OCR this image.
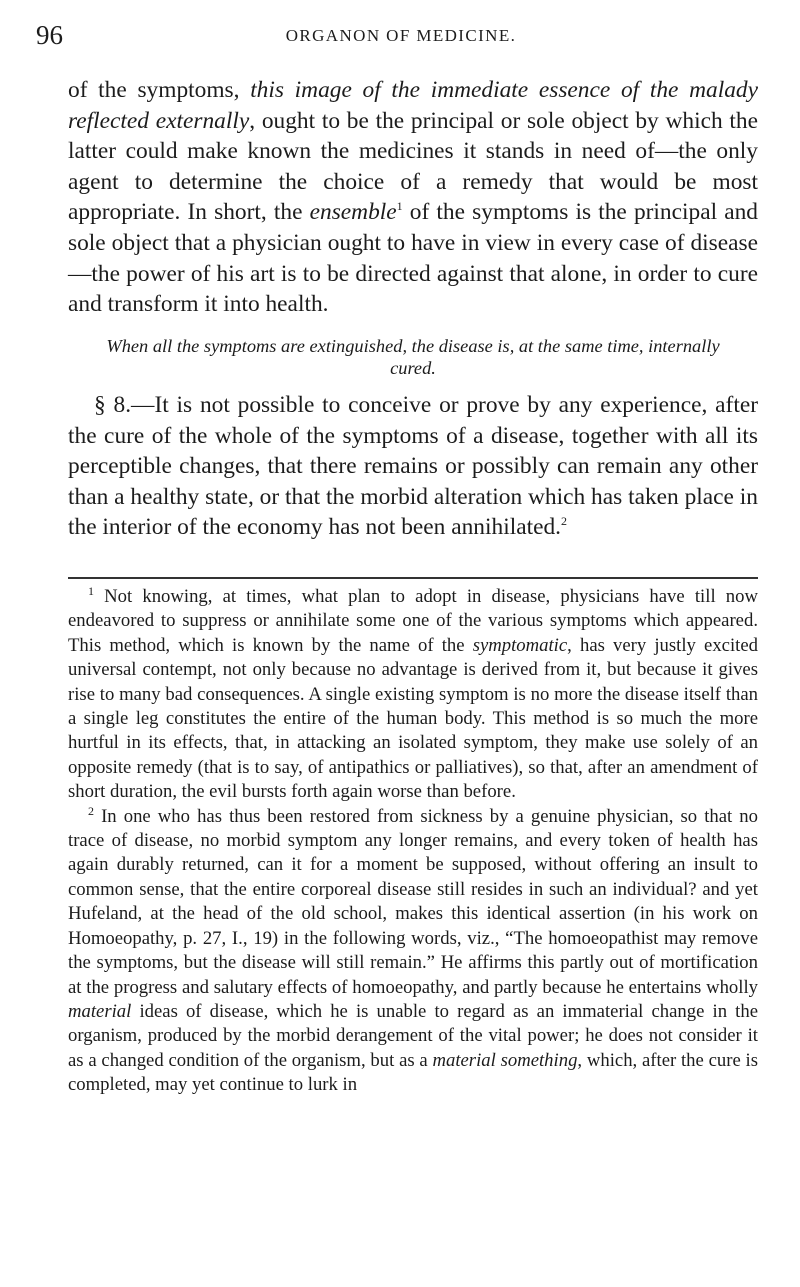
96	ORGANON OF MEDICINE.

of the symptoms, this image of the immediate essence of the malady reflected externally, ought to be the principal or sole object by which the latter could make known the medicines it stands in need of—the only agent to determine the choice of a remedy that would be most appropriate. In short, the ensemble$^1$ of the symptoms is the principal and sole object that a physician ought to have in view in every case of disease—the power of his art is to be directed against that alone, in order to cure and transform it into health.

When all the symptoms are extinguished, the disease is, at the same time, internally cured.

§ 8.—It is not possible to conceive or prove by any experience, after the cure of the whole of the symptoms of a disease, together with all its perceptible changes, that there remains or possibly can remain any other than a healthy state, or that the morbid alteration which has taken place in the interior of the economy has not been annihilated.$^2$

$^1$ Not knowing, at times, what plan to adopt in disease, physicians have till now endeavored to suppress or annihilate some one of the various symptoms which appeared. This method, which is known by the name of the symptomatic, has very justly excited universal contempt, not only because no advantage is derived from it, but because it gives rise to many bad consequences. A single existing symptom is no more the disease itself than a single leg constitutes the entire of the human body. This method is so much the more hurtful in its effects, that, in attacking an isolated symptom, they make use solely of an opposite remedy (that is to say, of antipathics or palliatives), so that, after an amendment of short duration, the evil bursts forth again worse than before.

$^2$ In one who has thus been restored from sickness by a genuine physician, so that no trace of disease, no morbid symptom any longer remains, and every token of health has again durably returned, can it for a moment be supposed, without offering an insult to common sense, that the entire corporeal disease still resides in such an individual? and yet Hufeland, at the head of the old school, makes this identical assertion (in his work on Homoeopathy, p. 27, I., 19) in the following words, viz., “The homoeopathist may remove the symptoms, but the disease will still remain.” He affirms this partly out of mortification at the progress and salutary effects of homoeopathy, and partly because he entertains wholly material ideas of disease, which he is unable to regard as an immaterial change in the organism, produced by the morbid derangement of the vital power; he does not consider it as a changed condition of the organism, but as a material something, which, after the cure is completed, may yet continue to lurk in
